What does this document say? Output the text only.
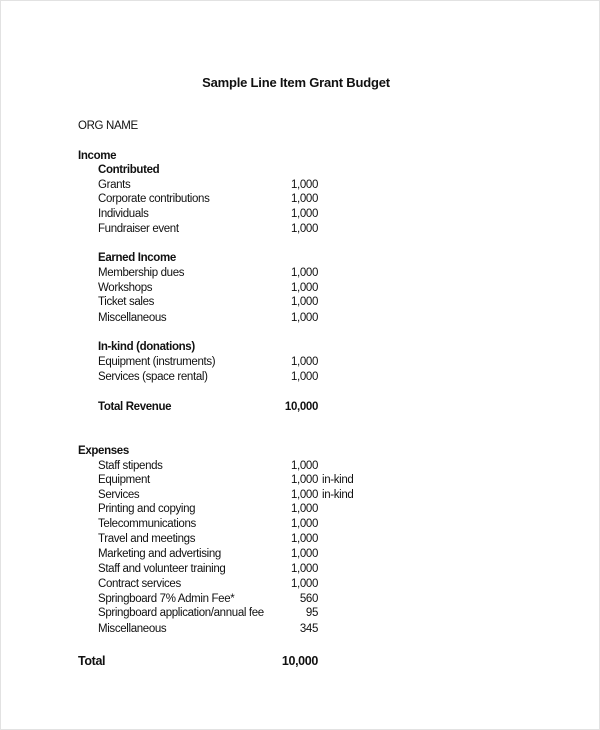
Sample Line Item Grant Budget
ORG NAME
Income
Contributed
Grants	1,000
Corporate contributions	1,000
Individuals	1,000
Fundraiser event	1,000
Earned Income
Membership dues	1,000
Workshops	1,000
Ticket sales	1,000
Miscellaneous	1,000
In-kind (donations)
Equipment (instruments)	1,000
Services (space rental)	1,000
Total Revenue	10,000
Expenses
Staff stipends	1,000
Equipment	1,000 in-kind
Services	1,000 in-kind
Printing and copying	1,000
Telecommunications	1,000
Travel and meetings	1,000
Marketing and advertising	1,000
Staff and volunteer training	1,000
Contract services	1,000
Springboard 7% Admin Fee*	560
Springboard application/annual fee	95
Miscellaneous	345
Total	10,000
